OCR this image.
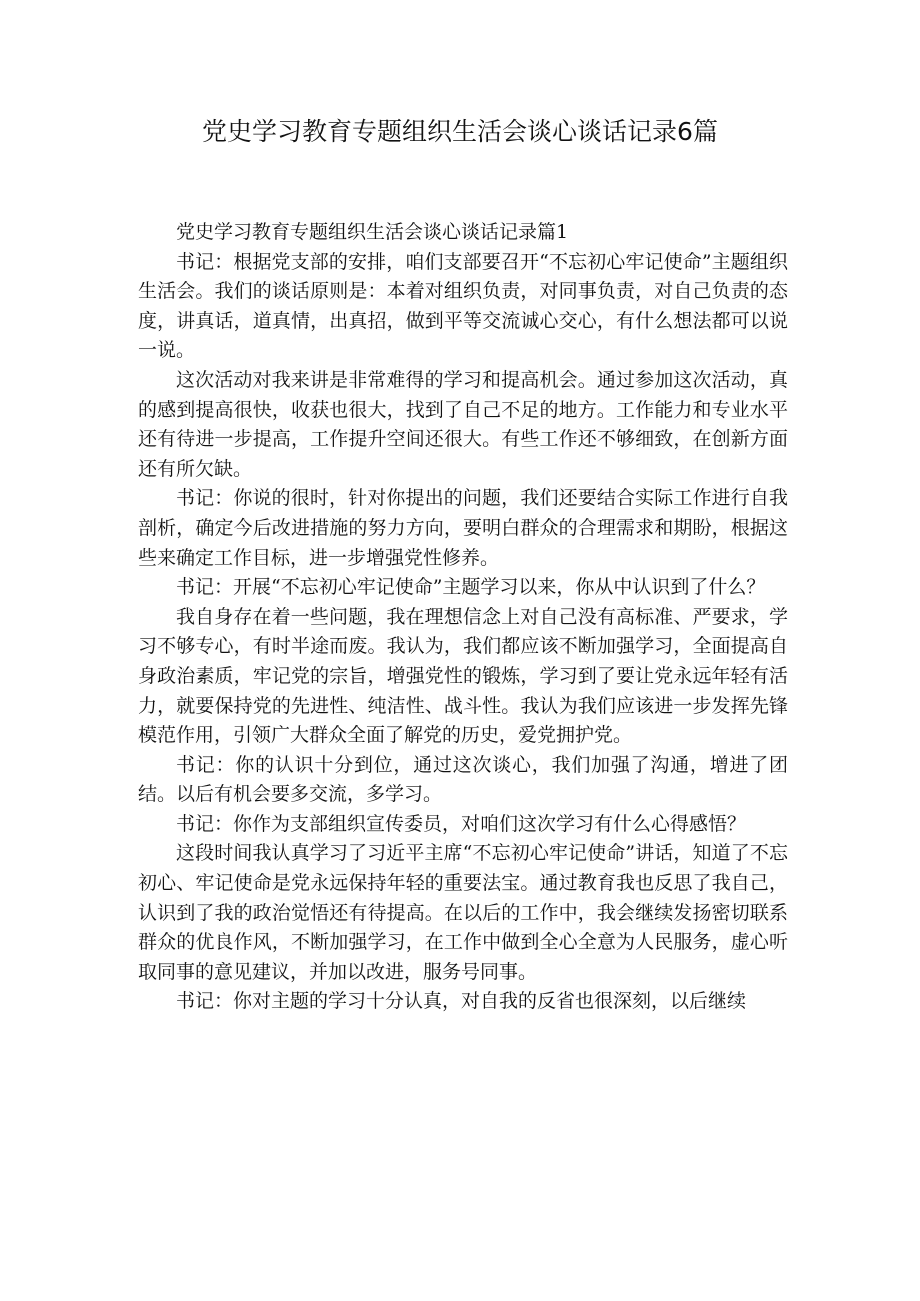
党史学习教育专题组织生活会谈心谈话记录6篇

党史学习教育专题组织生活会谈心谈话记录篇1

书记：根据党支部的安排，咱们支部要召开“不忘初心牢记使命”主题组织生活会。我们的谈话原则是：本着对组织负责，对同事负责，对自己负责的态度，讲真话，道真情，出真招，做到平等交流诚心交心，有什么想法都可以说一说。

这次活动对我来讲是非常难得的学习和提高机会。通过参加这次活动，真的感到提高很快，收获也很大，找到了自己不足的地方。工作能力和专业水平还有待进一步提高，工作提升空间还很大。有些工作还不够细致，在创新方面还有所欠缺。

书记：你说的很时，针对你提出的问题，我们还要结合实际工作进行自我剖析，确定今后改进措施的努力方向，要明白群众的合理需求和期盼，根据这些来确定工作目标，进一步增强党性修养。

书记：开展“不忘初心牢记使命”主题学习以来，你从中认识到了什么？

我自身存在着一些问题，我在理想信念上对自己没有高标准、严要求，学习不够专心，有时半途而废。我认为，我们都应该不断加强学习，全面提高自身政治素质，牢记党的宗旨，增强党性的锻炼，学习到了要让党永远年轻有活力，就要保持党的先进性、纯洁性、战斗性。我认为我们应该进一步发挥先锋模范作用，引领广大群众全面了解党的历史，爱党拥护党。

书记：你的认识十分到位，通过这次谈心，我们加强了沟通，增进了团结。以后有机会要多交流，多学习。

书记：你作为支部组织宣传委员，对咱们这次学习有什么心得感悟？

这段时间我认真学习了习近平主席“不忘初心牢记使命”讲话，知道了不忘初心、牢记使命是党永远保持年轻的重要法宝。通过教育我也反思了我自己，认识到了我的政治觉悟还有待提高。在以后的工作中，我会继续发扬密切联系群众的优良作风，不断加强学习，在工作中做到全心全意为人民服务，虚心听取同事的意见建议，并加以改进，服务号同事。

书记：你对主题的学习十分认真，对自我的反省也很深刻，以后继续
